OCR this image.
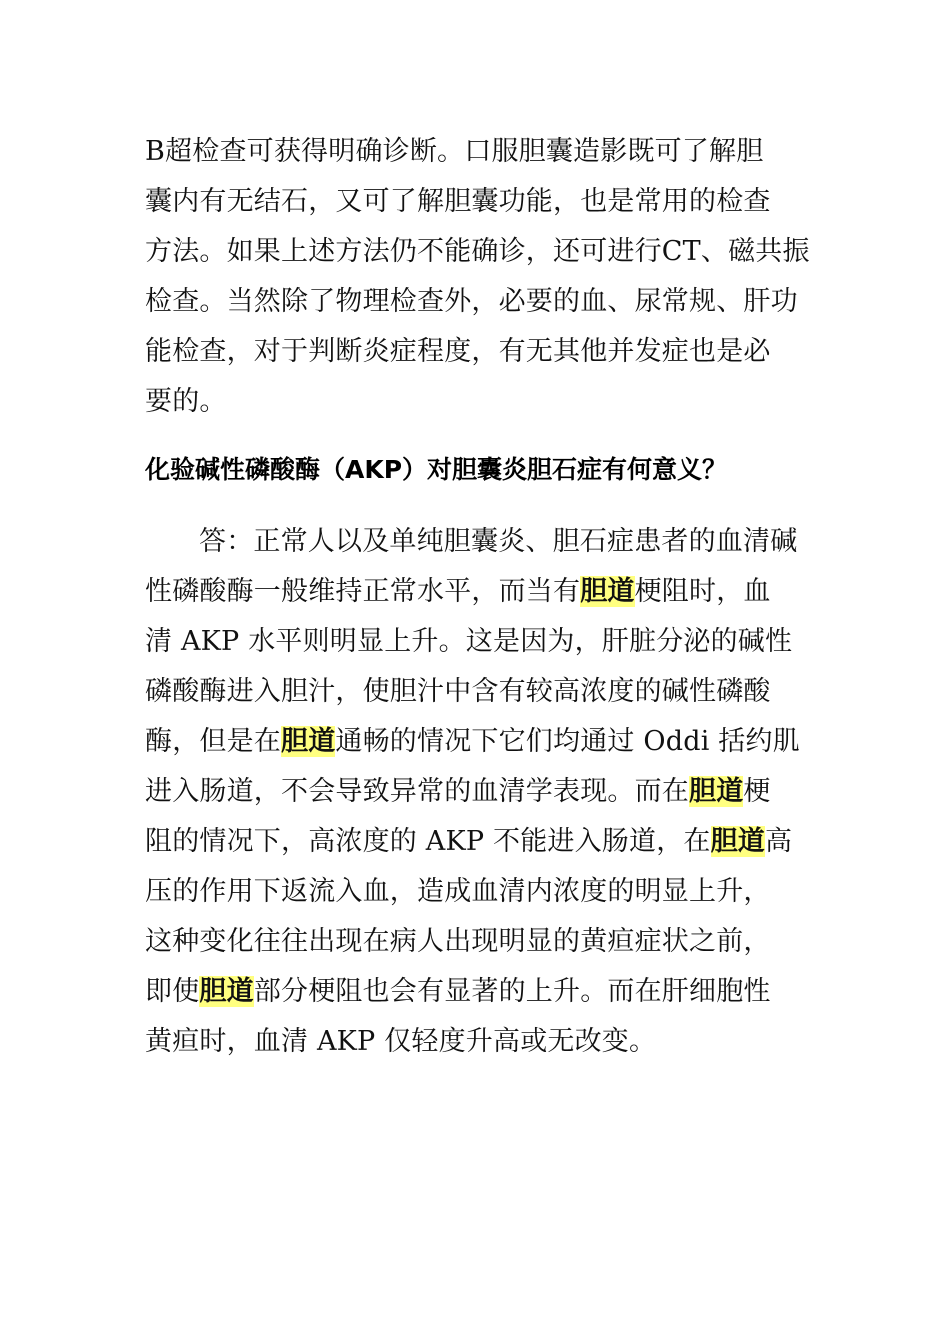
B超检查可获得明确诊断。口服胆囊造影既可了解胆
囊内有无结石，又可了解胆囊功能，也是常用的检查
方法。如果上述方法仍不能确诊，还可进行CT、磁共振
检查。当然除了物理检查外，必要的血、尿常规、肝功
能检查，对于判断炎症程度，有无其他并发症也是必
要的。
化验碱性磷酸酶（AKP）对胆囊炎胆石症有何意义？
答：正常人以及单纯胆囊炎、胆石症患者的血清碱
性磷酸酶一般维持正常水平，而当有胆道梗阻时，血
清 AKP 水平则明显上升。这是因为，肝脏分泌的碱性
磷酸酶进入胆汁，使胆汁中含有较高浓度的碱性磷酸
酶，但是在胆道通畅的情况下它们均通过 Oddi 括约肌
进入肠道，不会导致异常的血清学表现。而在胆道梗
阻的情况下，高浓度的 AKP 不能进入肠道，在胆道高
压的作用下返流入血，造成血清内浓度的明显上升，
这种变化往往出现在病人出现明显的黄疸症状之前，
即使胆道部分梗阻也会有显著的上升。而在肝细胞性
黄疸时，血清 AKP 仅轻度升高或无改变。
